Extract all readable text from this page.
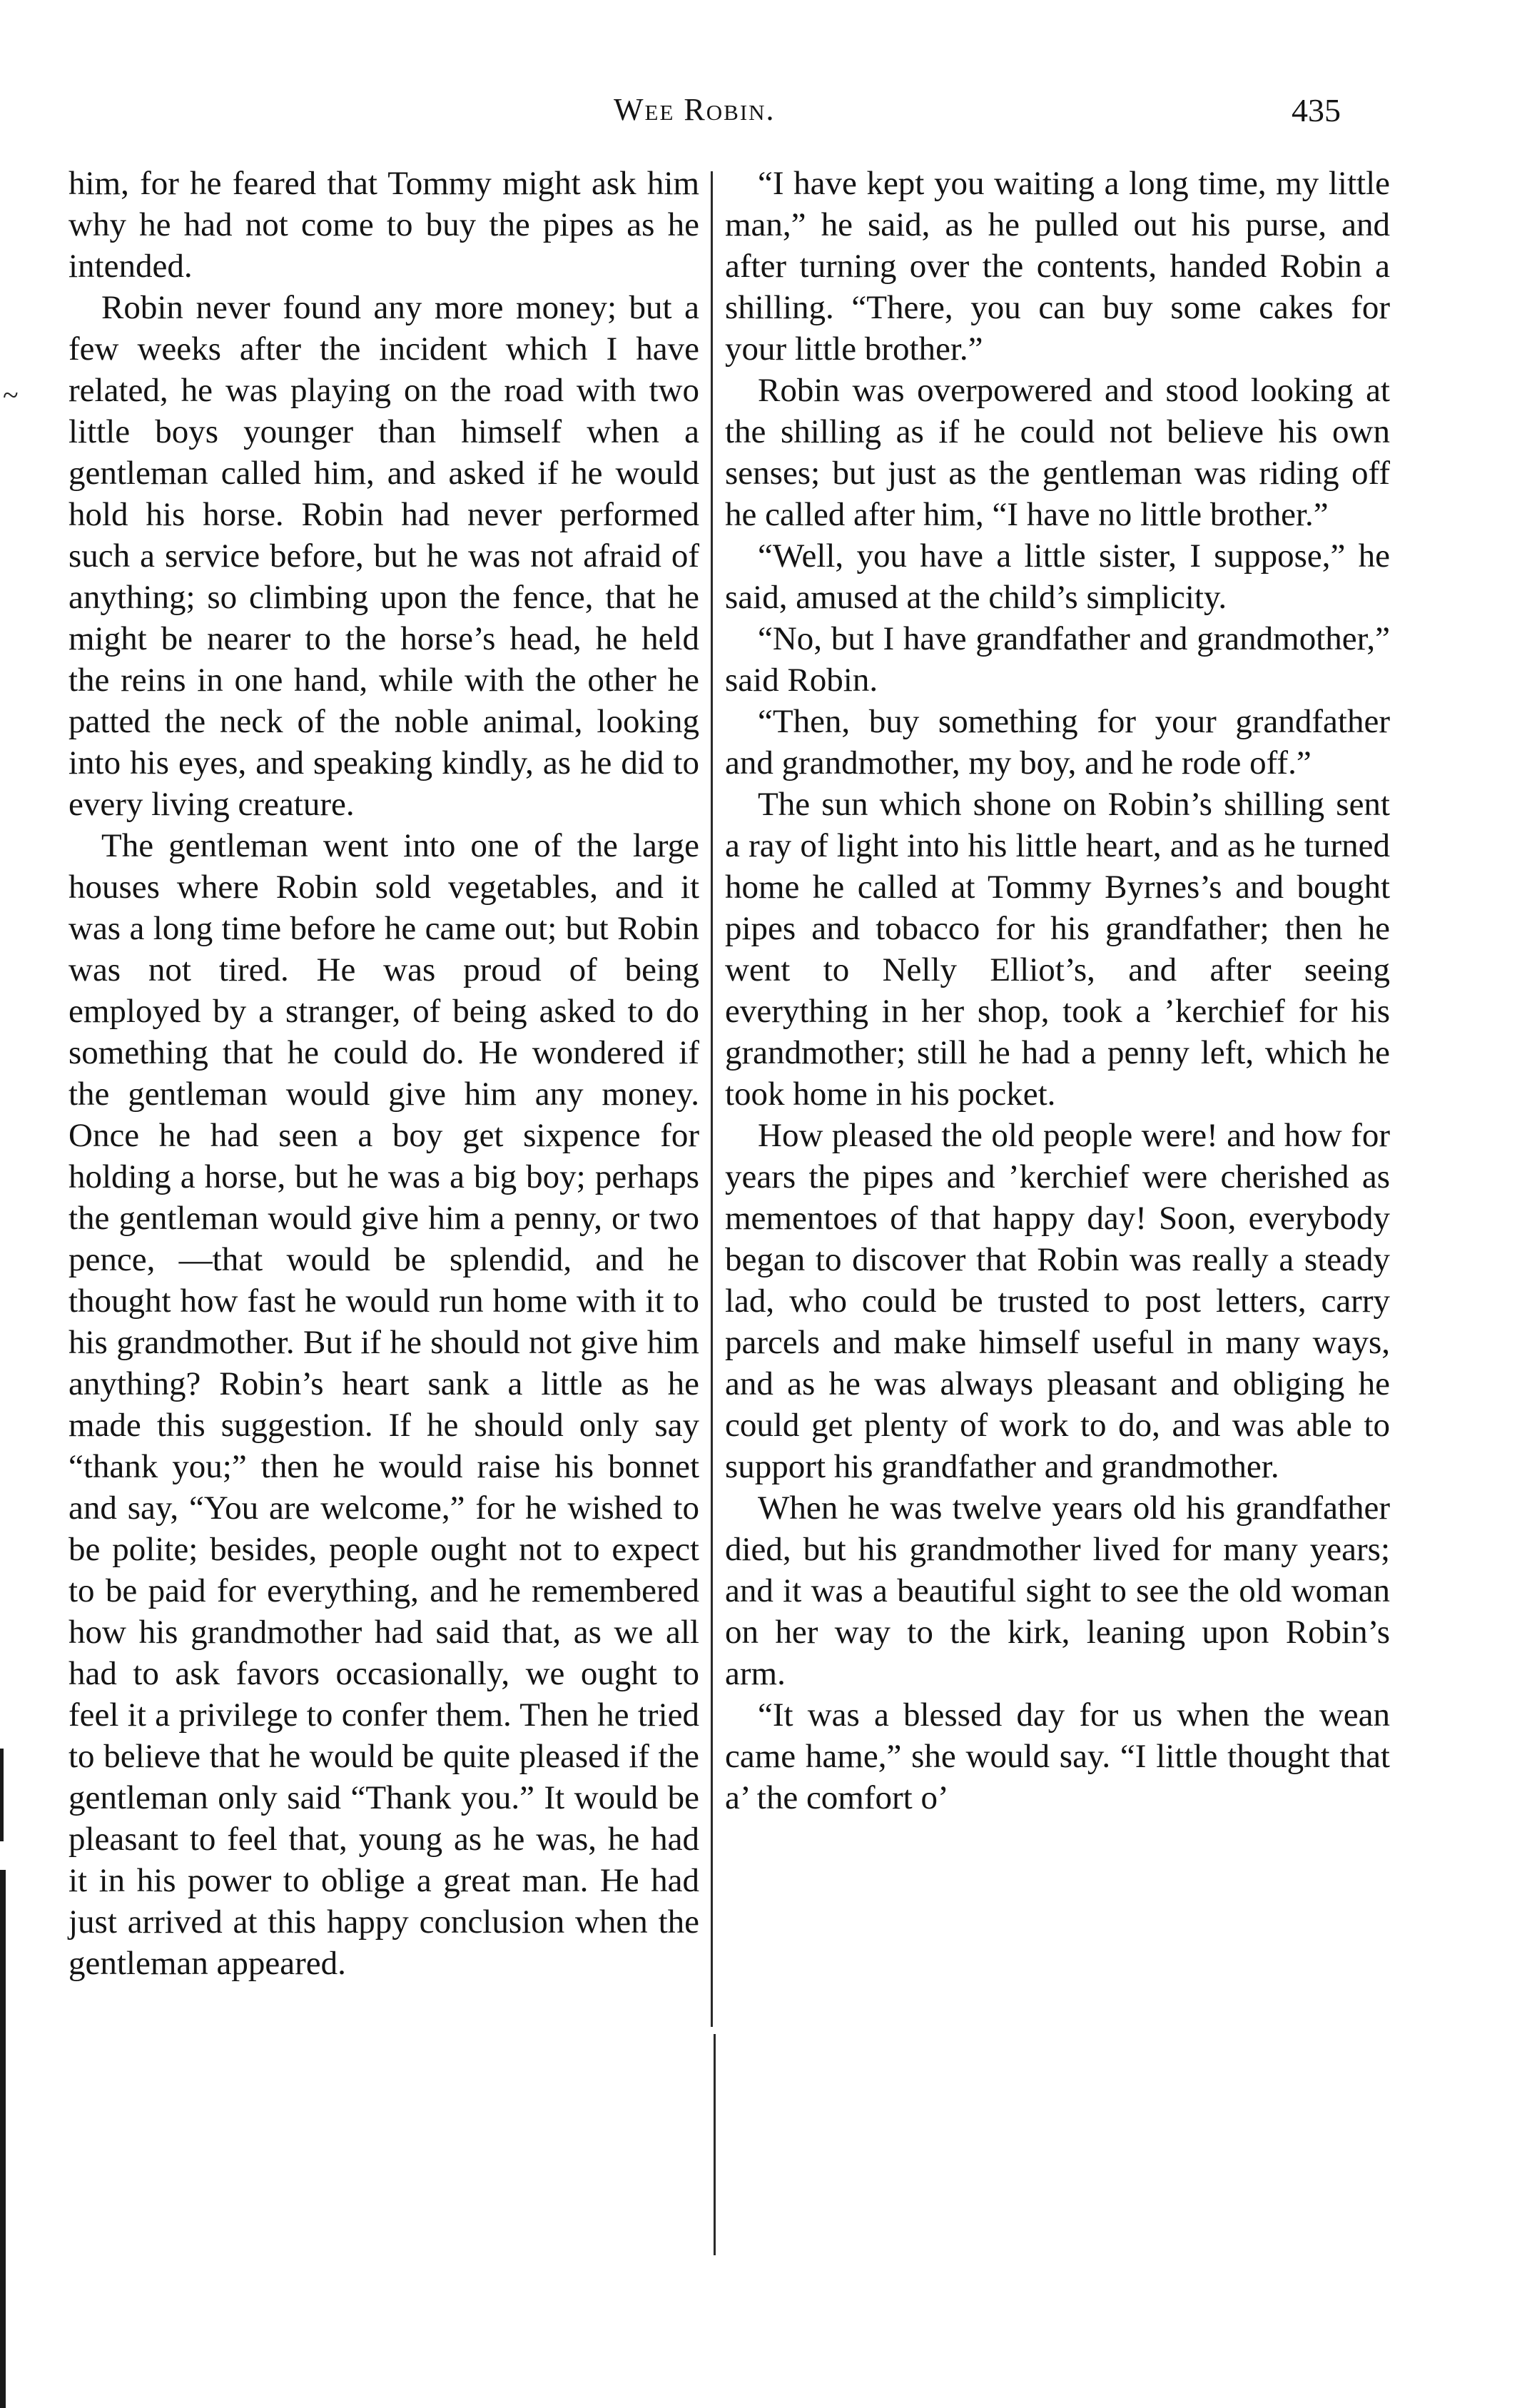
Wee Robin.	435
~

him, for he feared that Tommy might ask him why he had not come to buy the pipes as he intended.

Robin never found any more money; but a few weeks after the incident which I have related, he was playing on the road with two little boys younger than himself when a gentleman called him, and asked if he would hold his horse. Robin had never performed such a service before, but he was not afraid of anything; so climbing upon the fence, that he might be nearer to the horse’s head, he held the reins in one hand, while with the other he patted the neck of the noble animal, looking into his eyes, and speaking kindly, as he did to every living creature.

The gentleman went into one of the large houses where Robin sold vegetables, and it was a long time before he came out; but Robin was not tired. He was proud of being employed by a stranger, of being asked to do something that he could do. He wondered if the gentleman would give him any money. Once he had seen a boy get sixpence for holding a horse, but he was a big boy; perhaps the gentleman would give him a penny, or two pence, —that would be splendid, and he thought how fast he would run home with it to his grandmother. But if he should not give him anything? Robin’s heart sank a little as he made this suggestion. If he should only say “thank you;” then he would raise his bonnet and say, “You are welcome,” for he wished to be polite; besides, people ought not to expect to be paid for everything, and he remembered how his grandmother had said that, as we all had to ask favors occasionally, we ought to feel it a privilege to confer them. Then he tried to believe that he would be quite pleased if the gentleman only said “Thank you.” It would be pleasant to feel that, young as he was, he had it in his power to oblige a great man. He had just arrived at this happy conclusion when the gentleman appeared.

“I have kept you waiting a long time, my little man,” he said, as he pulled out his purse, and after turning over the contents, handed Robin a shilling. “There, you can buy some cakes for your little brother.”

Robin was overpowered and stood looking at the shilling as if he could not believe his own senses; but just as the gentleman was riding off he called after him, “I have no little brother.”

“Well, you have a little sister, I suppose,” he said, amused at the child’s simplicity.

“No, but I have grandfather and grandmother,” said Robin.

“Then, buy something for your grandfather and grandmother, my boy, and he rode off.”

The sun which shone on Robin’s shilling sent a ray of light into his little heart, and as he turned home he called at Tommy Byrnes’s and bought pipes and tobacco for his grandfather; then he went to Nelly Elliot’s, and after seeing everything in her shop, took a ’kerchief for his grandmother; still he had a penny left, which he took home in his pocket.

How pleased the old people were! and how for years the pipes and ’kerchief were cherished as mementoes of that happy day! Soon, everybody began to discover that Robin was really a steady lad, who could be trusted to post letters, carry parcels and make himself useful in many ways, and as he was always pleasant and obliging he could get plenty of work to do, and was able to support his grandfather and grandmother.

When he was twelve years old his grandfather died, but his grandmother lived for many years; and it was a beautiful sight to see the old woman on her way to the kirk, leaning upon Robin’s arm.

“It was a blessed day for us when the wean came hame,” she would say. “I little thought that a’ the comfort o’
